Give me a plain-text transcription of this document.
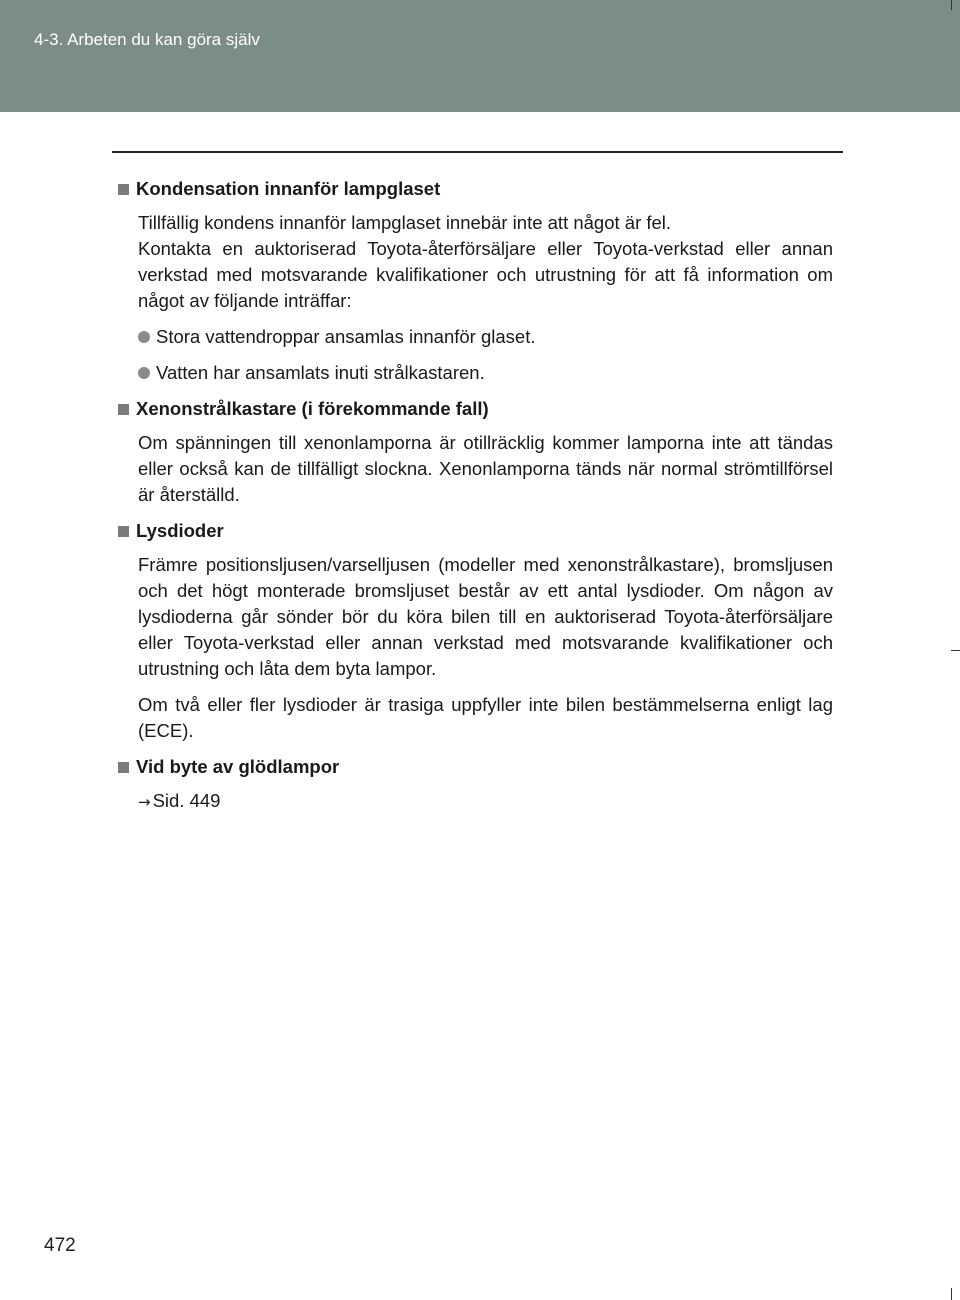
4-3. Arbeten du kan göra själv
Kondensation innanför lampglaset

Tillfällig kondens innanför lampglaset innebär inte att något är fel.

Kontakta en auktoriserad Toyota-återförsäljare eller Toyota-verkstad eller annan verkstad med motsvarande kvalifikationer och utrustning för att få information om något av följande inträffar:

Stora vattendroppar ansamlas innanför glaset.
Vatten har ansamlats inuti strålkastaren.
Xenonstrålkastare (i förekommande fall)

Om spänningen till xenonlamporna är otillräcklig kommer lamporna inte att tändas eller också kan de tillfälligt slockna. Xenonlamporna tänds när normal strömtillförsel är återställd.

Lysdioder

Främre positionsljusen/varselljusen (modeller med xenonstrålkastare), bromsljusen och det högt monterade bromsljuset består av ett antal lysdioder. Om någon av lysdioderna går sönder bör du köra bilen till en auktoriserad Toyota-återförsäljare eller Toyota-verkstad eller annan verkstad med motsvarande kvalifikationer och utrustning och låta dem byta lampor.

Om två eller fler lysdioder är trasiga uppfyller inte bilen bestämmelserna enligt lag (ECE).

Vid byte av glödlampor

→ Sid. 449

472
